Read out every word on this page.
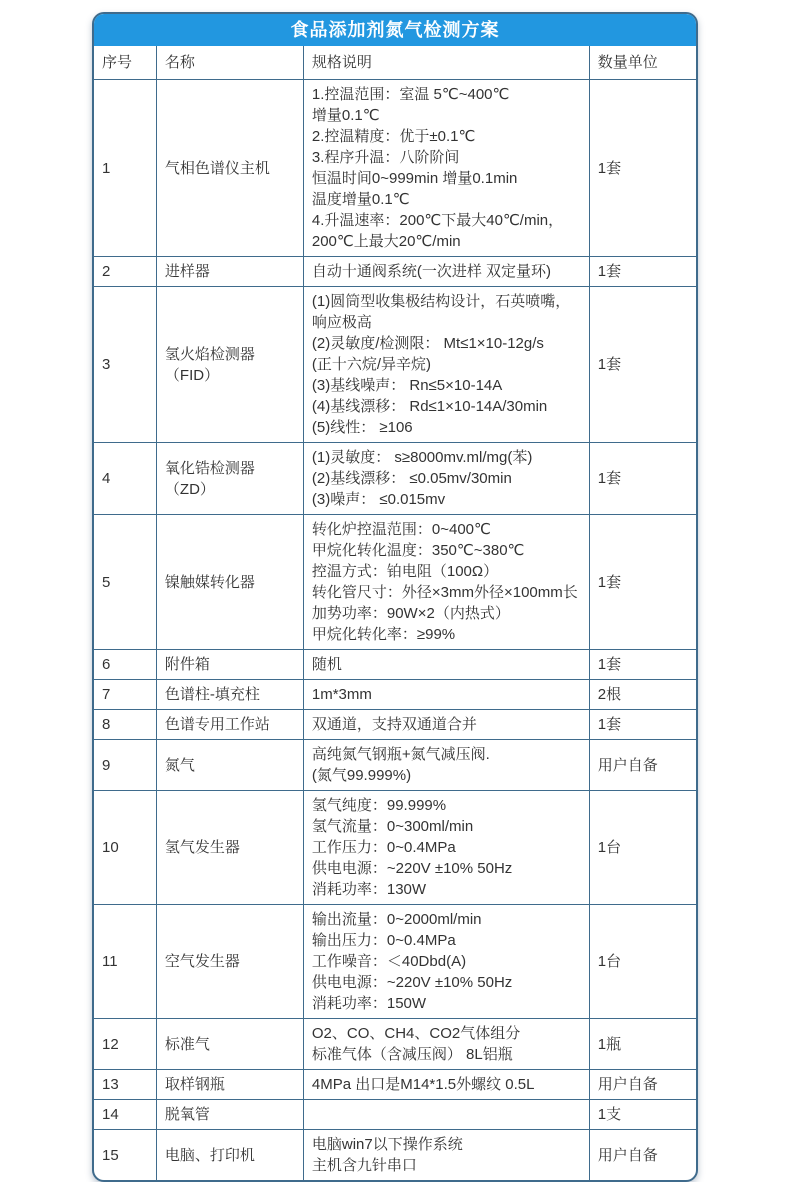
食品添加剂氮气检测方案
序号	名称	规格说明	数量单位
1	气相色谱仪主机	
1.控温范围：室温 5℃~400℃
增量0.1℃
2.控温精度：优于±0.1℃
3.程序升温：八阶阶间
恒温时间0~999min 增量0.1min
温度增量0.1℃
4.升温速率：200℃下最大40℃/min，
200℃上最大20℃/min
	1套
2	进样器	自动十通阀系统(一次进样 双定量环)	1套
3	氢火焰检测器（FID）	
(1)圆筒型收集极结构设计，石英喷嘴，
响应极高
(2)灵敏度/检测限： Mt≤1×10-12g/s
(正十六烷/异辛烷)
(3)基线噪声： Rn≤5×10-14A
(4)基线漂移： Rd≤1×10-14A/30min
(5)线性： ≥106
	1套
4	氧化锆检测器（ZD）	(1)灵敏度： s≥8000mv.ml/mg(苯)
(2)基线漂移： ≤0.05mv/30min
(3)噪声： ≤0.015mv	1套
5	镍触媒转化器	
转化炉控温范围：0~400℃
甲烷化转化温度：350℃~380℃
控温方式：铂电阻（100Ω）
转化管尺寸：外径×3mm外径×100mm长
加势功率：90W×2（内热式）
甲烷化转化率：≥99%
	1套
6	附件箱	随机	1套
7	色谱柱-填充柱	1m*3mm	2根
8	色谱专用工作站	双通道，支持双通道合并	1套
9	氮气	高纯氮气钢瓶+氮气减压阀.
(氮气99.999%)	用户自备
10	氢气发生器	氢气纯度：99.999%
氢气流量：0~300ml/min
工作压力：0~0.4MPa
供电电源：~220V ±10% 50Hz
消耗功率：130W	1台
11	空气发生器	输出流量：0~2000ml/min
输出压力：0~0.4MPa
工作噪音：＜40Dbd(A)
供电电源：~220V ±10% 50Hz
消耗功率：150W	1台
12	标准气	O2、CO、CH4、CO2气体组分
标准气体（含减压阀） 8L铝瓶	1瓶
13	取样钢瓶	4MPa 出口是M14*1.5外螺纹 0.5L	用户自备
14	脱氧管		1支
15	电脑、打印机	电脑win7以下操作系统
主机含九针串口	用户自备
